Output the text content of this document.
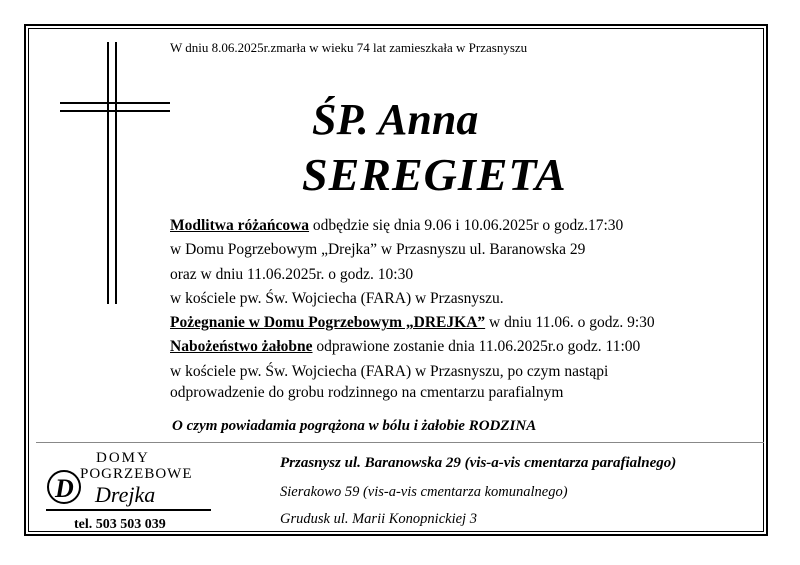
W dniu 8.06.2025r.zmarła w wieku 74 lat zamieszkała w Przasnyszu
ŚP. Anna
SEREGIETA
Modlitwa różańcowa odbędzie się dnia 9.06 i 10.06.2025r o godz.17:30
w Domu Pogrzebowym „Drejka” w Przasnyszu ul. Baranowska 29
oraz w dniu 11.06.2025r. o godz. 10:30
w kościele pw. Św. Wojciecha (FARA) w Przasnyszu.
Pożegnanie w Domu Pogrzebowym „DREJKA” w dniu 11.06. o godz. 9:30
Nabożeństwo żałobne odprawione zostanie dnia 11.06.2025r.o godz. 11:00
w kościele pw. Św. Wojciecha (FARA) w Przasnyszu, po czym nastąpi
odprowadzenie do grobu rodzinnego na cmentarzu parafialnym
O czym powiadamia pogrążona w bólu i żałobie RODZINA
DOMY
POGRZEBOWE
D Drejka
tel. 503 503 039
Przasnysz ul. Baranowska 29 (vis-a-vis cmentarza parafialnego)
Sierakowo 59 (vis-a-vis cmentarza komunalnego)
Grudusk ul. Marii Konopnickiej 3
